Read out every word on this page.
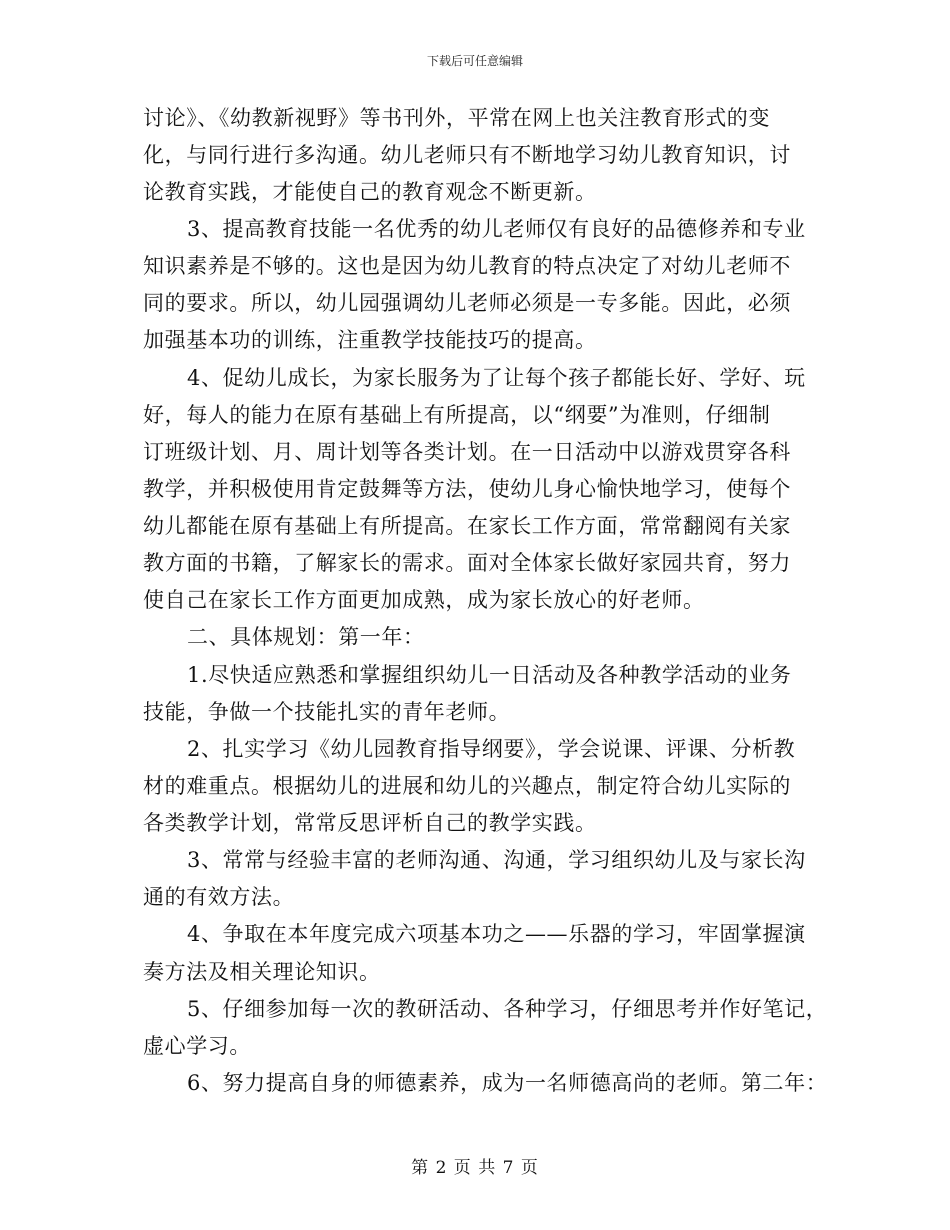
下载后可任意编辑
讨论》、《幼教新视野》等书刊外，平常在网上也关注教育形式的变
化，与同行进行多沟通。幼儿老师只有不断地学习幼儿教育知识，讨
论教育实践，才能使自己的教育观念不断更新。
3、提高教育技能一名优秀的幼儿老师仅有良好的品德修养和专业
知识素养是不够的。这也是因为幼儿教育的特点决定了对幼儿老师不
同的要求。所以，幼儿园强调幼儿老师必须是一专多能。因此，必须
加强基本功的训练，注重教学技能技巧的提高。
4、促幼儿成长，为家长服务为了让每个孩子都能长好、学好、玩
好，每人的能力在原有基础上有所提高，以“纲要”为准则，仔细制
订班级计划、月、周计划等各类计划。在一日活动中以游戏贯穿各科
教学，并积极使用肯定鼓舞等方法，使幼儿身心愉快地学习，使每个
幼儿都能在原有基础上有所提高。在家长工作方面，常常翻阅有关家
教方面的书籍，了解家长的需求。面对全体家长做好家园共育，努力
使自己在家长工作方面更加成熟，成为家长放心的好老师。
二、具体规划：第一年：
1.尽快适应熟悉和掌握组织幼儿一日活动及各种教学活动的业务
技能，争做一个技能扎实的青年老师。
2、扎实学习《幼儿园教育指导纲要》，学会说课、评课、分析教
材的难重点。根据幼儿的进展和幼儿的兴趣点，制定符合幼儿实际的
各类教学计划，常常反思评析自己的教学实践。
3、常常与经验丰富的老师沟通、沟通，学习组织幼儿及与家长沟
通的有效方法。
4、争取在本年度完成六项基本功之——乐器的学习，牢固掌握演
奏方法及相关理论知识。
5、仔细参加每一次的教研活动、各种学习，仔细思考并作好笔记，
虚心学习。
6、努力提高自身的师德素养，成为一名师德高尚的老师。第二年：
第 2 页 共 7 页
